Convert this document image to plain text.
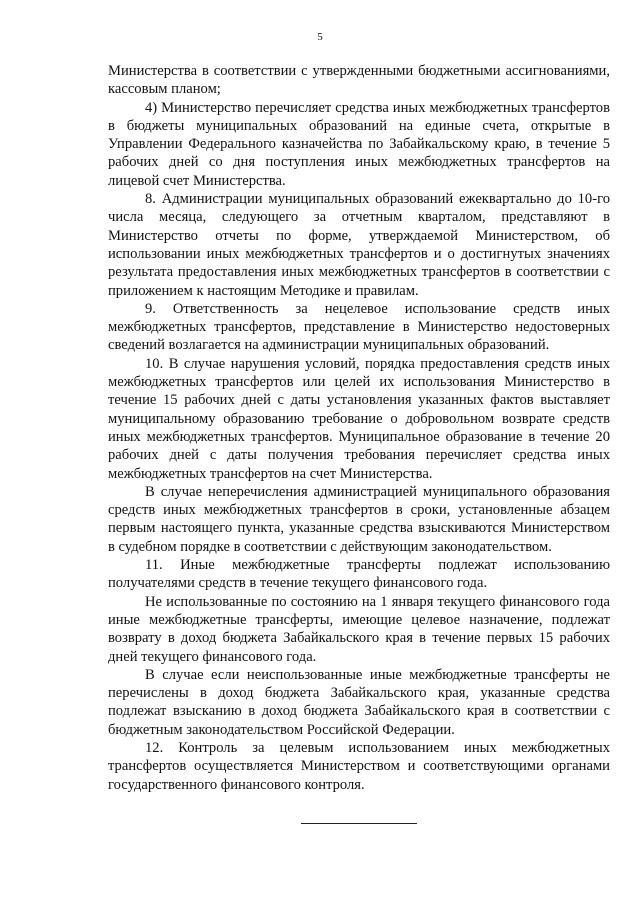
5

Министерства в соответствии с утвержденными бюджетными ассигнованиями, кассовым планом;

4) Министерство перечисляет средства иных межбюджетных трансфертов в бюджеты муниципальных образований на единые счета, открытые в Управлении Федерального казначейства по Забайкальскому краю, в течение 5 рабочих дней со дня поступления иных межбюджетных трансфертов на лицевой счет Министерства.

8. Администрации муниципальных образований ежеквартально до 10-го числа месяца, следующего за отчетным кварталом, представляют в Министерство отчеты по форме, утверждаемой Министерством, об использовании иных межбюджетных трансфертов и о достигнутых значениях результата предоставления иных межбюджетных трансфертов в соответствии с приложением к настоящим Методике и правилам.

9. Ответственность за нецелевое использование средств иных межбюджетных трансфертов, представление в Министерство недостоверных сведений возлагается на администрации муниципальных образований.

10. В случае нарушения условий, порядка предоставления средств иных межбюджетных трансфертов или целей их использования Министерство в течение 15 рабочих дней с даты установления указанных фактов выставляет муниципальному образованию требование о добровольном возврате средств иных межбюджетных трансфертов. Муниципальное образование в течение 20 рабочих дней с даты получения требования перечисляет средства иных межбюджетных трансфертов на счет Министерства.

В случае неперечисления администрацией муниципального образования средств иных межбюджетных трансфертов в сроки, установленные абзацем первым настоящего пункта, указанные средства взыскиваются Министерством в судебном порядке в соответствии с действующим законодательством.

11. Иные межбюджетные трансферты подлежат использованию получателями средств в течение текущего финансового года.

Не использованные по состоянию на 1 января текущего финансового года иные межбюджетные трансферты, имеющие целевое назначение, подлежат возврату в доход бюджета Забайкальского края в течение первых 15 рабочих дней текущего финансового года.

В случае если неиспользованные иные межбюджетные трансферты не перечислены в доход бюджета Забайкальского края, указанные средства подлежат взысканию в доход бюджета Забайкальского края в соответствии с бюджетным законодательством Российской Федерации.

12. Контроль за целевым использованием иных межбюджетных трансфертов осуществляется Министерством и соответствующими органами государственного финансового контроля.
